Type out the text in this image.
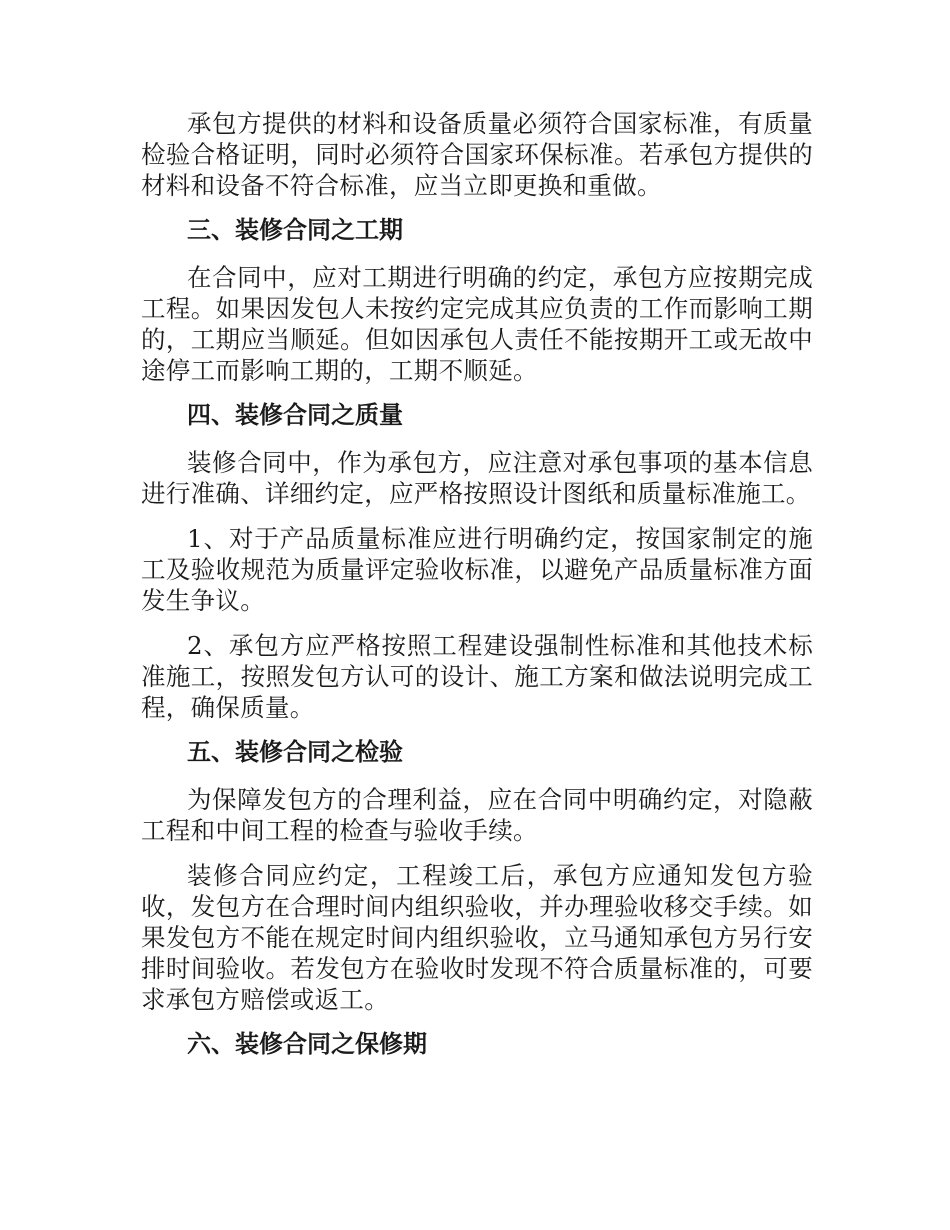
承包方提供的材料和设备质量必须符合国家标准，有质量检验合格证明，同时必须符合国家环保标准。若承包方提供的材料和设备不符合标准，应当立即更换和重做。

三、装修合同之工期

在合同中，应对工期进行明确的约定，承包方应按期完成工程。如果因发包人未按约定完成其应负责的工作而影响工期的，工期应当顺延。但如因承包人责任不能按期开工或无故中途停工而影响工期的，工期不顺延。

四、装修合同之质量

装修合同中，作为承包方，应注意对承包事项的基本信息进行准确、详细约定，应严格按照设计图纸和质量标准施工。

1、对于产品质量标准应进行明确约定，按国家制定的施工及验收规范为质量评定验收标准，以避免产品质量标准方面发生争议。

2、承包方应严格按照工程建设强制性标准和其他技术标准施工，按照发包方认可的设计、施工方案和做法说明完成工程，确保质量。

五、装修合同之检验

为保障发包方的合理利益，应在合同中明确约定，对隐蔽工程和中间工程的检查与验收手续。

装修合同应约定，工程竣工后，承包方应通知发包方验收，发包方在合理时间内组织验收，并办理验收移交手续。如果发包方不能在规定时间内组织验收，立马通知承包方另行安排时间验收。若发包方在验收时发现不符合质量标准的，可要求承包方赔偿或返工。

六、装修合同之保修期
